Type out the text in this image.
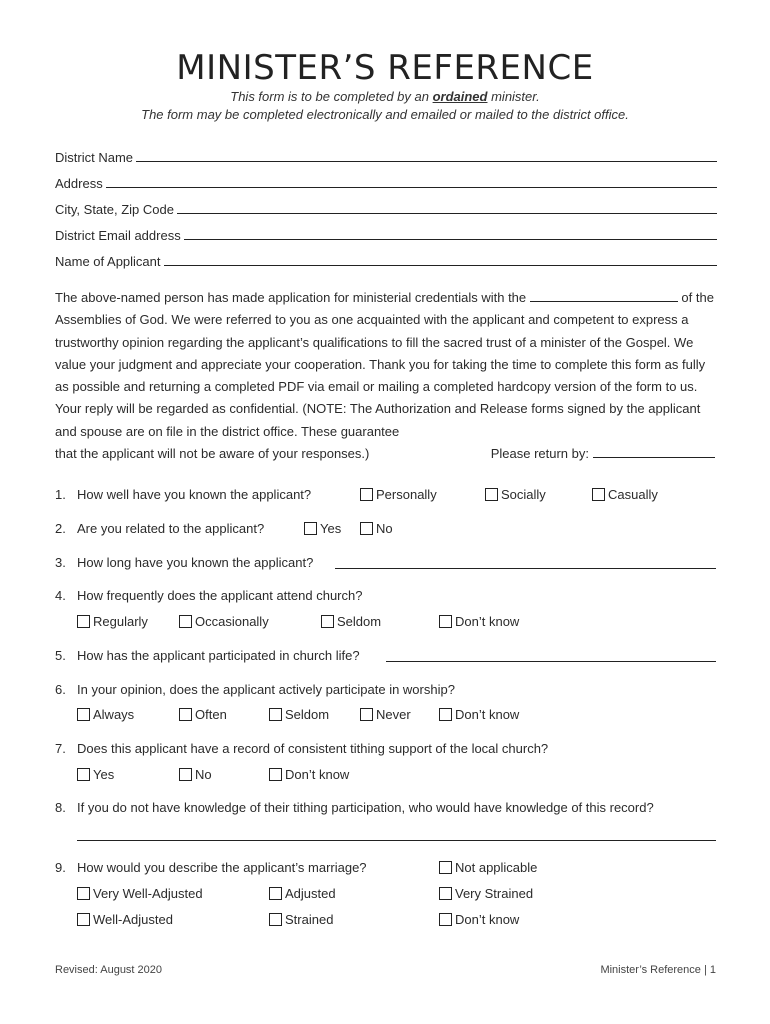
MINISTER’S REFERENCE
This form is to be completed by an ordained minister.
The form may be completed electronically and emailed or mailed to the district office.
District Name
Address
City, State, Zip Code
District Email address
Name of Applicant
The above-named person has made application for ministerial credentials with the	of the Assemblies of God. We were referred to you as one acquainted with the applicant and competent to express a trustworthy opinion regarding the applicant’s qualifications to fill the sacred trust of a minister of the Gospel. We value your judgment and appreciate your cooperation. Thank you for taking the time to complete this form as fully as possible and returning a completed PDF via email or mailing a completed hardcopy version of the form to us. Your reply will be regarded as confidential. (NOTE: The Authorization and Release forms signed by the applicant and spouse are on file in the district office. These guarantee
that the applicant will not be aware of your responses.)	Please return by:
1. How well have you known the applicant?	Personally	Socially	Casually
2. Are you related to the applicant?	Yes	No
3. How long have you known the applicant?
4. How frequently does the applicant attend church?
Regularly	Occasionally	Seldom	Don’t know
5. How has the applicant participated in church life?
6. In your opinion, does the applicant actively participate in worship?
Always	Often	Seldom	Never	Don’t know
7. Does this applicant have a record of consistent tithing support of the local church?
Yes	No	Don’t know
8. If you do not have knowledge of their tithing participation, who would have knowledge of this record?
9. How would you describe the applicant’s marriage?	Not applicable
Very Well-Adjusted	Adjusted	Very Strained
Well-Adjusted	Strained	Don’t know
Revised: August 2020	Minister’s Reference | 1
